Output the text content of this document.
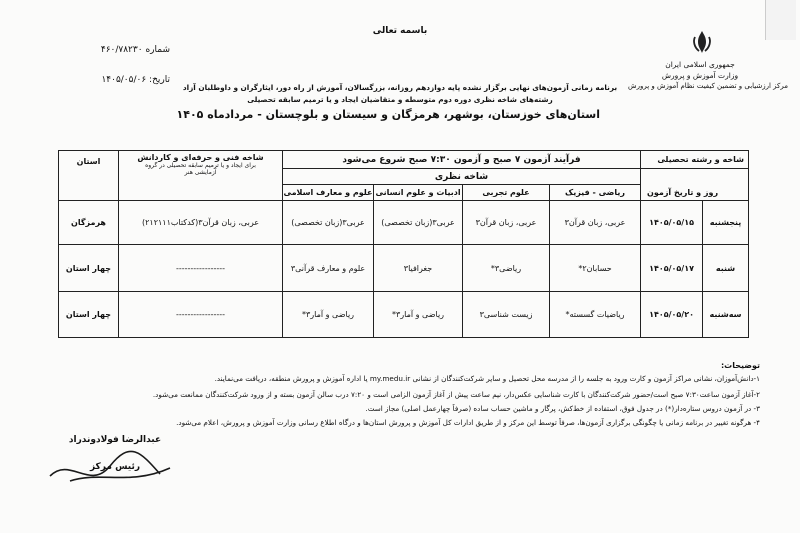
جمهوری اسلامی ایران
وزارت آموزش و پرورش
مرکز ارزشیابی و تضمین کیفیت نظام آموزش و پرورش
باسمه تعالی
شماره ۴۶۰/۷۸۲۳۰
تاریخ: ۱۴۰۵/۰۵/۰۶
برنامه زمانی آزمون‌های نهایی برگزار نشده پایه دوازدهم روزانه، بزرگسالان، آموزش از راه دور، ایثارگران و داوطلبان آزاد
رشته‌های شاخه نظری دوره دوم متوسطه و متقاضیان ایجاد و یا ترمیم سابقه تحصیلی
استان‌های خوزستان، بوشهر، هرمزگان و سیستان و بلوچستان - مردادماه ۱۴۰۵
شاخه و رشته تحصیلی		فرآیند آزمون ۷ صبح و آزمون ۷:۳۰ صبح شروع می‌شود				شاخه فنی و حرفه‌ای و کاردانش
برای ایجاد و یا ترمیم سابقه تحصیلی در گروه
آزمایشی هنر	استان
روز و تاریخ آزمون		شاخه نظری					
		ریاضی - فیزیک	علوم تجربی	ادبیات و علوم انسانی	علوم و معارف اسلامی		
پنجشنبه	۱۴۰۵/۰۵/۱۵	عربی، زبان قرآن۳	عربی، زبان قرآن۳	عربی۳(زبان تخصصی)	عربی۳(زبان تخصصی)	عربی، زبان قرآن۳(کدکتاب۲۱۲۱۱۱)	هرمزگان
شنبه	۱۴۰۵/۰۵/۱۷	حسابان۲*	ریاضی۳*	جغرافیا۳	علوم و معارف قرآنی۳	-----------------	چهار استان
سه‌شنبه	۱۴۰۵/۰۵/۲۰	ریاضیات گسسته*	زیست شناسی۳	ریاضی و آمار۳*	ریاضی و آمار۳*	-----------------	چهار استان
توضیحات:
۱-دانش‌آموزان، نشانی مراکز آزمون و کارت ورود به جلسه را از مدرسه محل تحصیل و سایر شرکت‌کنندگان از نشانی my.medu.ir یا اداره آموزش و پرورش منطقه، دریافت می‌نمایند.
۲-آغاز آزمون ساعت۷:۳۰ صبح است/حضور شرکت‌کنندگان با کارت شناسایی عکس‌دار، نیم ساعت پیش از آغاز آزمون الزامی است و ۷:۲۰ درب سالن آزمون بسته و از ورود شرکت‌کنندگان ممانعت می‌شود.
۳- در آزمون دروس ستاره‌دار(*) در جدول فوق، استفاده از خط‌کش، پرگار و ماشین حساب ساده (صرفاً چهارعمل اصلی) مجاز است.
۴- هرگونه تغییر در برنامه زمانی یا چگونگی برگزاری آزمون‌ها، صرفاً توسط این مرکز و از طریق ادارات کل آموزش و پرورش استان‌ها و درگاه اطلاع رسانی وزارت آموزش و پرورش، اعلام می‌شود.
عبدالرضا فولادوندراد
رئیس مرکز
